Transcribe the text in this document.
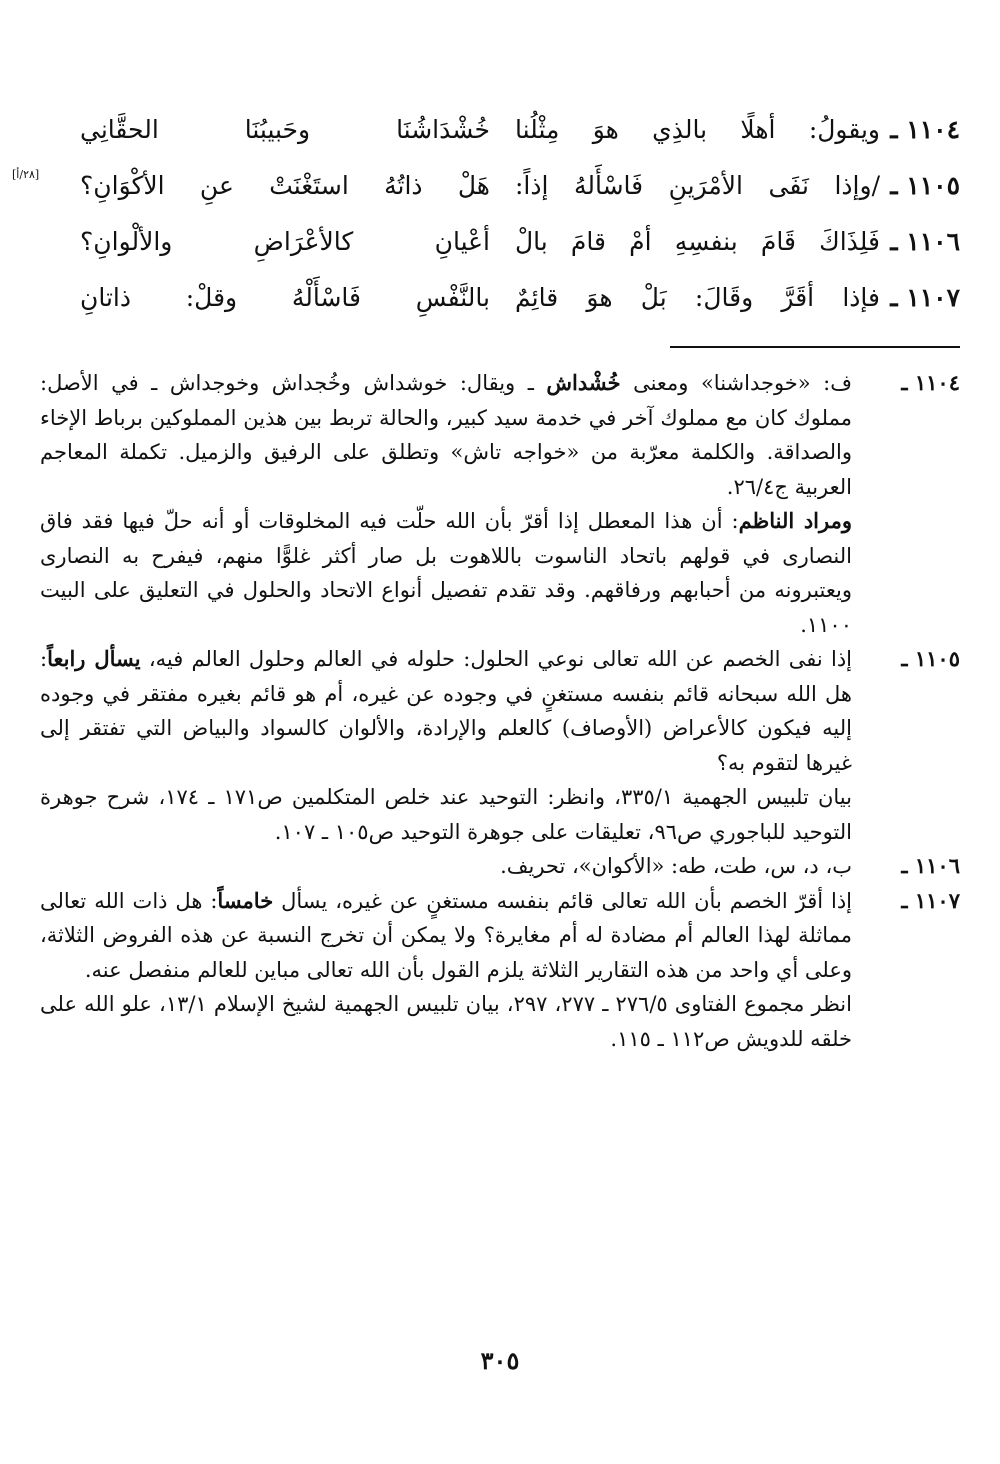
١١٠٤ ـ
ويقولُ: أهلًا بالذِي هوَ مِثْلُنا
خُشْدَاشُنَا وحَبيبُنَا الحقَّانِي
١١٠٥ ـ
/وإذا نَفَى الأمْرَينِ فَاسْأَلهُ إذاً:
هَلْ ذاتُهُ استَغْنَتْ عنِ الأكْوَانِ؟
[٢٨/أ]
١١٠٦ ـ
فَلِذَاكَ قَامَ بنفسِهِ أمْ قامَ بالْ
أعْيانِ كالأعْرَاضِ والألْوانِ؟
١١٠٧ ـ
فإذا أقَرَّ وقَالَ: بَلْ هوَ قائِمٌ
بالنَّفْسِ فَاسْأَلْهُ وقلْ: ذاتانِ
١١٠٤ ـ

ف: «خوجداشنا» ومعنى خُشْداش ـ ويقال: خوشداش وخُجداش وخوجداش ـ في الأصل: مملوك كان مع مملوك آخر في خدمة سيد كبير، والحالة تربط بين هذين المملوكين برباط الإخاء والصداقة. والكلمة معرّبة من «خواجه تاش» وتطلق على الرفيق والزميل. تكملة المعاجم العربية ج٢٦/٤.

ومراد الناظم: أن هذا المعطل إذا أقرّ بأن الله حلّت فيه المخلوقات أو أنه حلّ فيها فقد فاق النصارى في قولهم باتحاد الناسوت باللاهوت بل صار أكثر غلوًّا منهم، فيفرح به النصارى ويعتبرونه من أحبابهم ورفاقهم. وقد تقدم تفصيل أنواع الاتحاد والحلول في التعليق على البيت ١١٠٠.

١١٠٥ ـ

إذا نفى الخصم عن الله تعالى نوعي الحلول: حلوله في العالم وحلول العالم فيه، يسأل رابعاً: هل الله سبحانه قائم بنفسه مستغنٍ في وجوده عن غيره، أم هو قائم بغيره مفتقر في وجوده إليه فيكون كالأعراض (الأوصاف) كالعلم والإرادة، والألوان كالسواد والبياض التي تفتقر إلى غيرها لتقوم به؟

بيان تلبيس الجهمية ٣٣٥/١، وانظر: التوحيد عند خلص المتكلمين ص١٧١ ـ ١٧٤، شرح جوهرة التوحيد للباجوري ص٩٦، تعليقات على جوهرة التوحيد ص١٠٥ ـ ١٠٧.

١١٠٦ ـ

ب، د، س، طت، طه: «الأكوان»، تحريف.

١١٠٧ ـ

إذا أقرّ الخصم بأن الله تعالى قائم بنفسه مستغنٍ عن غيره، يسأل خامساً: هل ذات الله تعالى مماثلة لهذا العالم أم مضادة له أم مغايرة؟ ولا يمكن أن تخرج النسبة عن هذه الفروض الثلاثة، وعلى أي واحد من هذه التقارير الثلاثة يلزم القول بأن الله تعالى مباين للعالم منفصل عنه.

انظر مجموع الفتاوى ٢٧٦/٥ ـ ٢٧٧، ٢٩٧، بيان تلبيس الجهمية لشيخ الإسلام ١٣/١، علو الله على خلقه للدويش ص١١٢ ـ ١١٥.

٣٠٥
